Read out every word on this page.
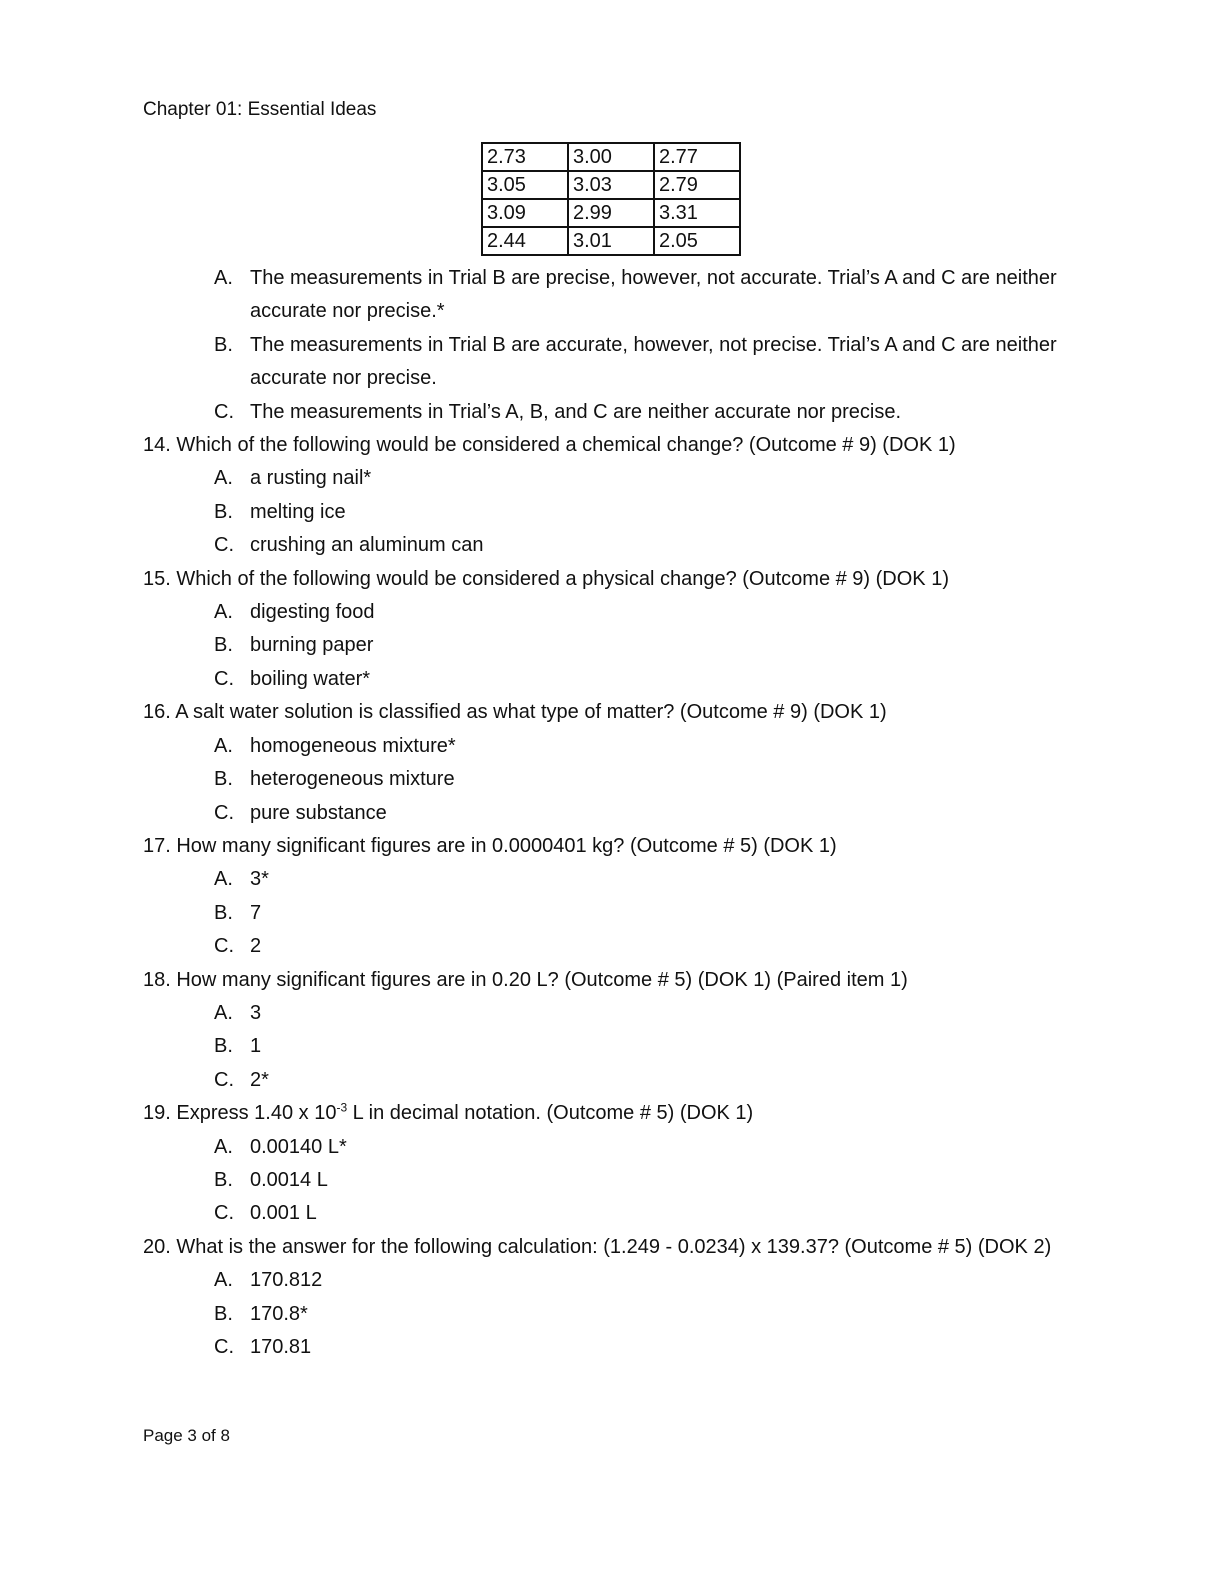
Chapter 01: Essential Ideas
2.73	3.00	2.77
3.05	3.03	2.79
3.09	2.99	3.31
2.44	3.01	2.05
A. The measurements in Trial B are precise, however, not accurate. Trial’s A and C are neither accurate nor precise.*
B. The measurements in Trial B are accurate, however, not precise. Trial’s A and C are neither accurate nor precise.
C. The measurements in Trial’s A, B, and C are neither accurate nor precise.
14. Which of the following would be considered a chemical change? (Outcome # 9) (DOK 1)
A. a rusting nail*
B. melting ice
C. crushing an aluminum can
15. Which of the following would be considered a physical change? (Outcome # 9) (DOK 1)
A. digesting food
B. burning paper
C. boiling water*
16. A salt water solution is classified as what type of matter? (Outcome # 9) (DOK 1)
A. homogeneous mixture*
B. heterogeneous mixture
C. pure substance
17. How many significant figures are in 0.0000401 kg? (Outcome # 5) (DOK 1)
A. 3*
B. 7
C. 2
18. How many significant figures are in 0.20 L? (Outcome # 5) (DOK 1) (Paired item 1)
A. 3
B. 1
C. 2*
19. Express 1.40 x $10^{-3}$ L in decimal notation. (Outcome # 5) (DOK 1)
A. 0.00140 L*
B. 0.0014 L
C. 0.001 L
20. What is the answer for the following calculation: (1.249 - 0.0234) x 139.37? (Outcome # 5) (DOK 2)
A. 170.812
B. 170.8*
C. 170.81
Page 3 of 8
